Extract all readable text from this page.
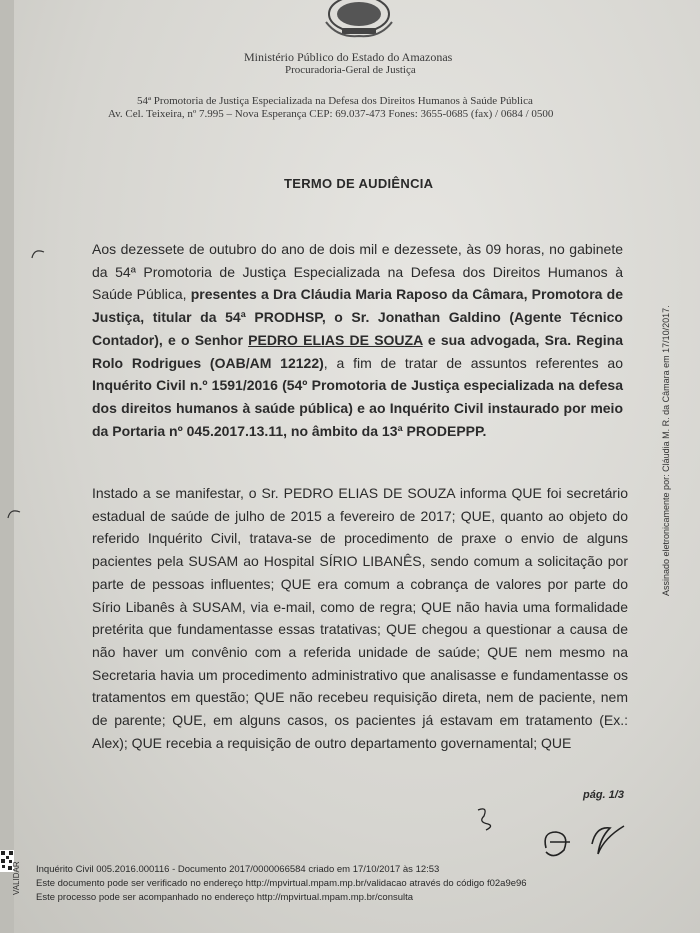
Ministério Público do Estado do Amazonas
Procuradoria-Geral de Justiça
54ª Promotoria de Justiça Especializada na Defesa dos Direitos Humanos à Saúde Pública
Av. Cel. Teixeira, nº 7.995 – Nova Esperança CEP: 69.037-473 Fones: 3655-0685 (fax) / 0684 / 0500
TERMO DE AUDIÊNCIA
Aos dezessete de outubro do ano de dois mil e dezessete, às 09 horas, no gabinete da 54ª Promotoria de Justiça Especializada na Defesa dos Direitos Humanos à Saúde Pública, presentes a Dra Cláudia Maria Raposo da Câmara, Promotora de Justiça, titular da 54ª PRODHSP, o Sr. Jonathan Galdino (Agente Técnico Contador), e o Senhor PEDRO ELIAS DE SOUZA e sua advogada, Sra. Regina Rolo Rodrigues (OAB/AM 12122), a fim de tratar de assuntos referentes ao Inquérito Civil n.º 1591/2016 (54º Promotoria de Justiça especializada na defesa dos direitos humanos à saúde pública) e ao Inquérito Civil instaurado por meio da Portaria nº 045.2017.13.11, no âmbito da 13ª PRODEPPP.
Instado a se manifestar, o Sr. PEDRO ELIAS DE SOUZA informa QUE foi secretário estadual de saúde de julho de 2015 a fevereiro de 2017; QUE, quanto ao objeto do referido Inquérito Civil, tratava-se de procedimento de praxe o envio de alguns pacientes pela SUSAM ao Hospital SÍRIO LIBANÊS, sendo comum a solicitação por parte de pessoas influentes; QUE era comum a cobrança de valores por parte do Sírio Libanês à SUSAM, via e-mail, como de regra; QUE não havia uma formalidade pretérita que fundamentasse essas tratativas; QUE chegou a questionar a causa de não haver um convênio com a referida unidade de saúde; QUE nem mesmo na Secretaria havia um procedimento administrativo que analisasse e fundamentasse os tratamentos em questão; QUE não recebeu requisição direta, nem de paciente, nem de parente; QUE, em alguns casos, os pacientes já estavam em tratamento (Ex.: Alex); QUE recebia a requisição de outro departamento governamental; QUE
pág. 1/3
Assinado eletronicamente por: Cláudia M. R. da Câmara em 17/10/2017.
VALIDAR Inquérito Civil 005.2016.000116 - Documento 2017/0000066584 criado em 17/10/2017 às 12:53
Este documento pode ser verificado no endereço http://mpvirtual.mpam.mp.br/validacao através do código f02a9e96
Este processo pode ser acompanhado no endereço http://mpvirtual.mpam.mp.br/consulta
